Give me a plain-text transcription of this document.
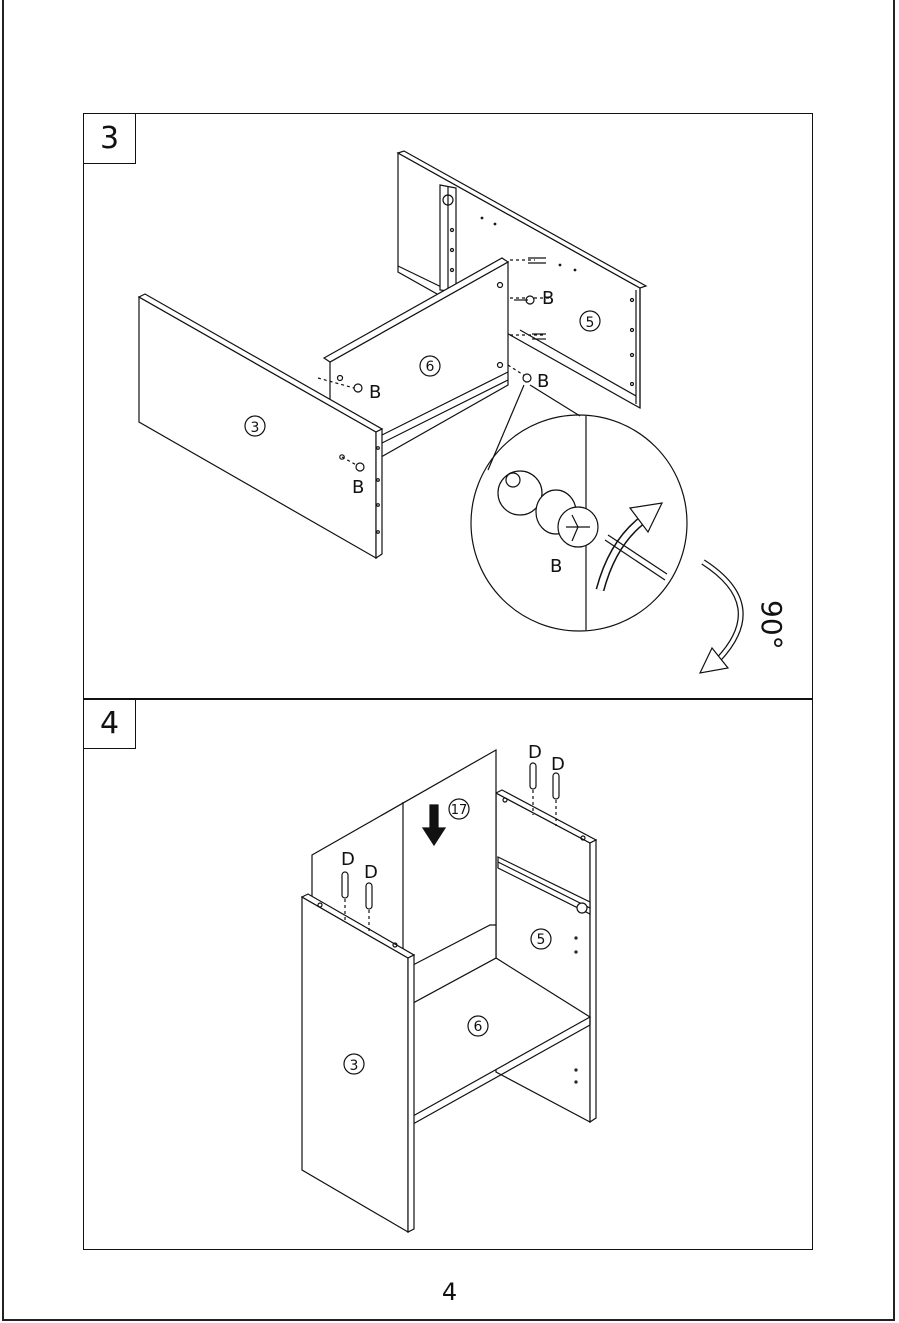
3
4
5
6
3
B
B
B
B
B
90°
17
5
6
3
D
D
D
D
4
